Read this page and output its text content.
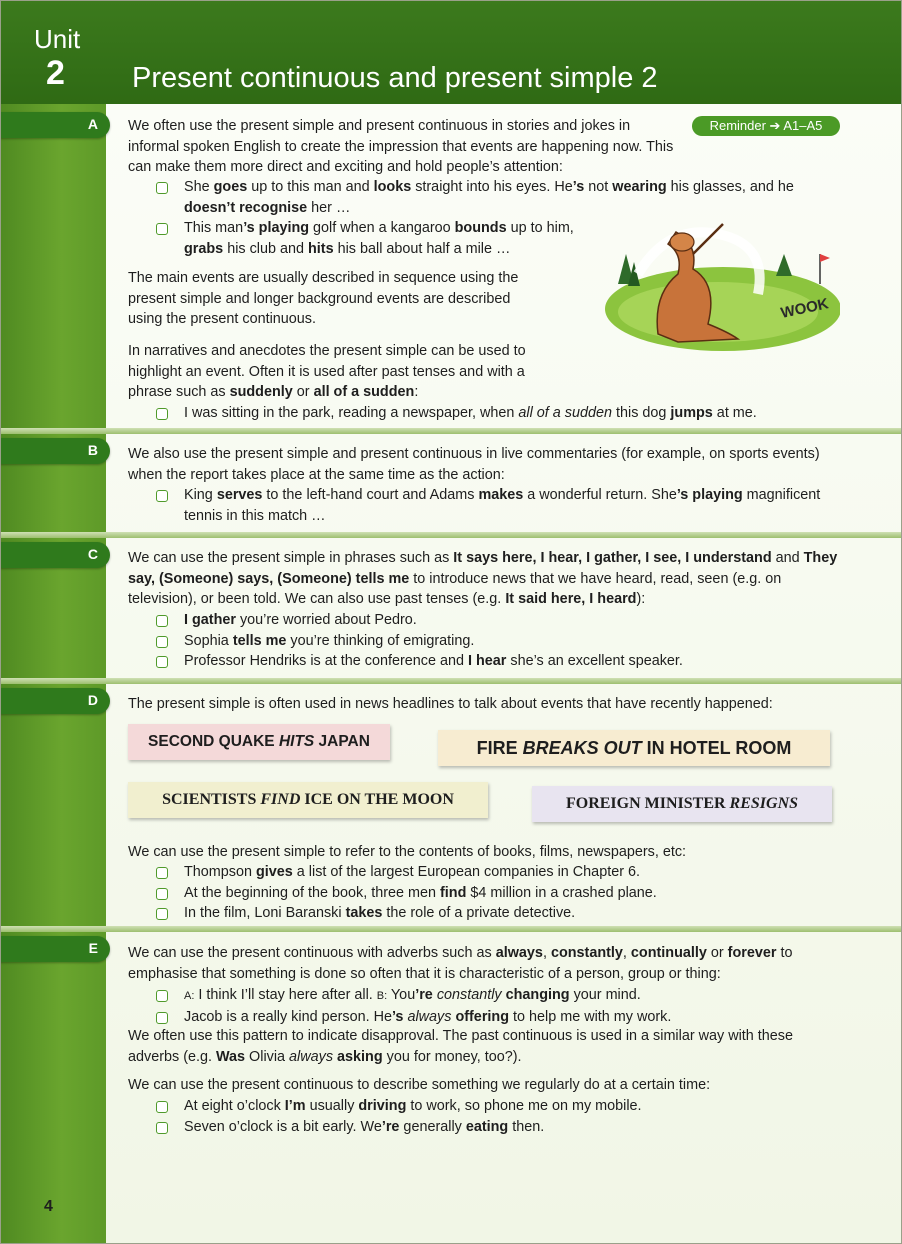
Unit
2 Present continuous and present simple 2
A
B
C
D
E
Reminder ➔ A1–A5

We often use the present simple and present continuous in stories and jokes in informal spoken English to create the impression that events are happening now. This can make them more direct and exciting and hold people’s attention:

She goes up to this man and looks straight into his eyes. He’s not wearing his glasses, and he doesn’t recognise her …

This man’s playing golf when a kangaroo bounds up to him, grabs his club and hits his ball about half a mile …

The main events are usually described in sequence using the present simple and longer background events are described using the present continuous.

In narratives and anecdotes the present simple can be used to highlight an event. Often it is used after past tenses and with a phrase such as suddenly or all of a sudden:

I was sitting in the park, reading a newspaper, when all of a sudden this dog jumps at me.

WOOK

We also use the present simple and present continuous in live commentaries (for example, on sports events) when the report takes place at the same time as the action:

King serves to the left-hand court and Adams makes a wonderful return. She’s playing magnificent tennis in this match …

We can use the present simple in phrases such as It says here, I hear, I gather, I see, I understand and They say, (Someone) says, (Someone) tells me to introduce news that we have heard, read, seen (e.g. on television), or been told. We can also use past tenses (e.g. It said here, I heard):

I gather you’re worried about Pedro.

Sophia tells me you’re thinking of emigrating.

Professor Hendriks is at the conference and I hear she’s an excellent speaker.

The present simple is often used in news headlines to talk about events that have recently happened:

SECOND QUAKE HITS JAPAN	FIRE BREAKS OUT IN HOTEL ROOM
SCIENTISTS FIND ICE ON THE MOON	FOREIGN MINISTER RESIGNS

We can use the present simple to refer to the contents of books, films, newspapers, etc:

Thompson gives a list of the largest European companies in Chapter 6.

At the beginning of the book, three men find $4 million in a crashed plane.

In the film, Loni Baranski takes the role of a private detective.

We can use the present continuous with adverbs such as always, constantly, continually or forever to emphasise that something is done so often that it is characteristic of a person, group or thing:

A: I think I’ll stay here after all. B: You’re constantly changing your mind.

Jacob is a really kind person. He’s always offering to help me with my work.

We often use this pattern to indicate disapproval. The past continuous is used in a similar way with these adverbs (e.g. Was Olivia always asking you for money, too?).

We can use the present continuous to describe something we regularly do at a certain time:

At eight o’clock I’m usually driving to work, so phone me on my mobile.

Seven o’clock is a bit early. We’re generally eating then.

4
